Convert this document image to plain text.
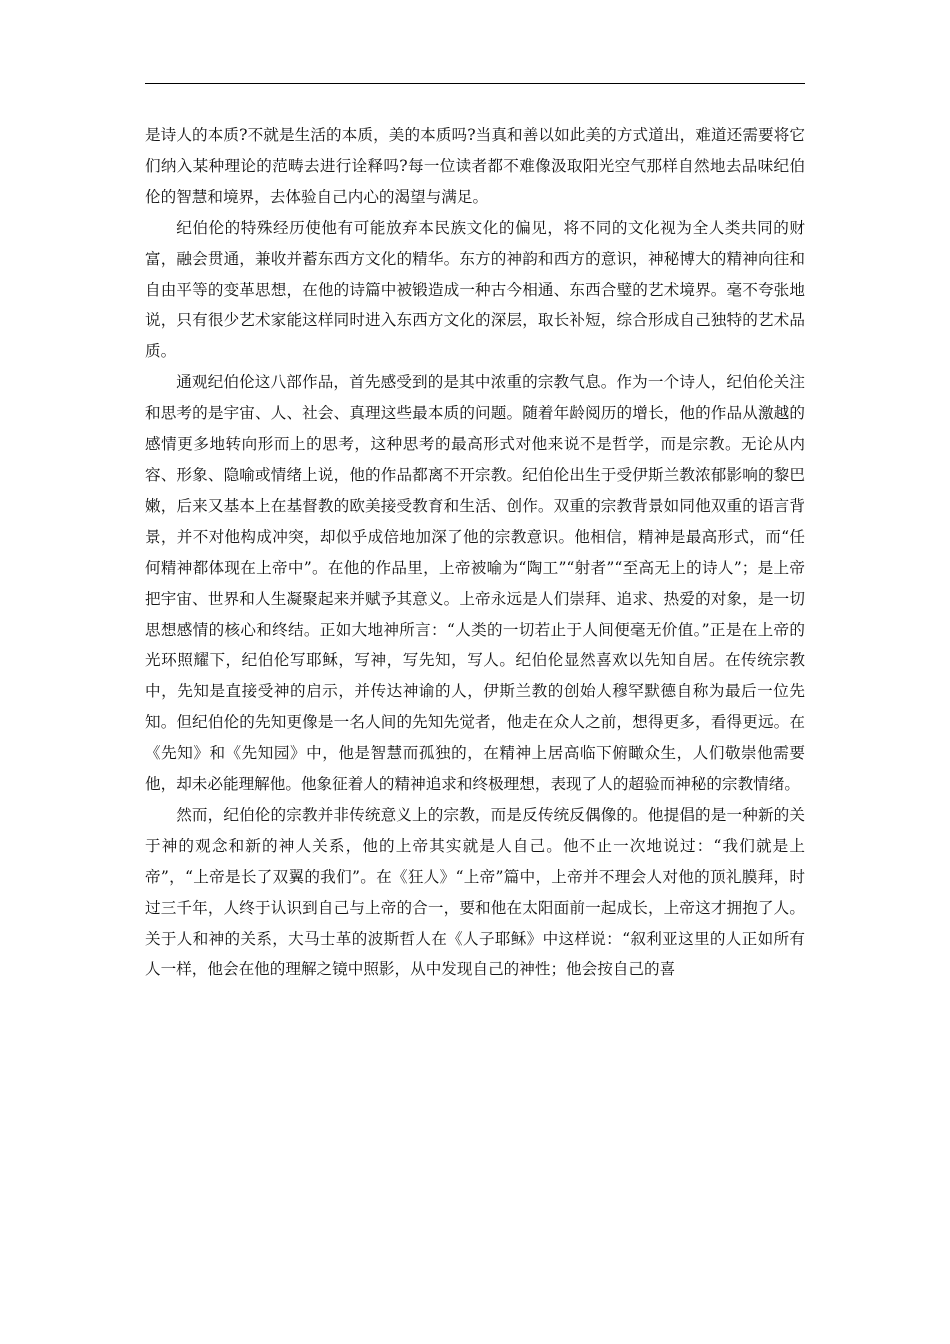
是诗人的本质?不就是生活的本质，美的本质吗?当真和善以如此美的方式道出，难道还需要将它们纳入某种理论的范畴去进行诠释吗?每一位读者都不难像汲取阳光空气那样自然地去品味纪伯伦的智慧和境界，去体验自己内心的渴望与满足。

纪伯伦的特殊经历使他有可能放弃本民族文化的偏见，将不同的文化视为全人类共同的财富，融会贯通，兼收并蓄东西方文化的精华。东方的神韵和西方的意识，神秘博大的精神向往和自由平等的变革思想，在他的诗篇中被锻造成一种古今相通、东西合璧的艺术境界。毫不夸张地说，只有很少艺术家能这样同时进入东西方文化的深层，取长补短，综合形成自己独特的艺术品质。

通观纪伯伦这八部作品，首先感受到的是其中浓重的宗教气息。作为一个诗人，纪伯伦关注和思考的是宇宙、人、社会、真理这些最本质的问题。随着年龄阅历的增长，他的作品从激越的感情更多地转向形而上的思考，这种思考的最高形式对他来说不是哲学，而是宗教。无论从内容、形象、隐喻或情绪上说，他的作品都离不开宗教。纪伯伦出生于受伊斯兰教浓郁影响的黎巴嫩，后来又基本上在基督教的欧美接受教育和生活、创作。双重的宗教背景如同他双重的语言背景，并不对他构成冲突，却似乎成倍地加深了他的宗教意识。他相信，精神是最高形式，而“任何精神都体现在上帝中”。在他的作品里，上帝被喻为“陶工”“射者”“至高无上的诗人”；是上帝把宇宙、世界和人生凝聚起来并赋予其意义。上帝永远是人们崇拜、追求、热爱的对象，是一切思想感情的核心和终结。正如大地神所言：“人类的一切若止于人间便毫无价值。”正是在上帝的光环照耀下，纪伯伦写耶稣，写神，写先知，写人。纪伯伦显然喜欢以先知自居。在传统宗教中，先知是直接受神的启示，并传达神谕的人，伊斯兰教的创始人穆罕默德自称为最后一位先知。但纪伯伦的先知更像是一名人间的先知先觉者，他走在众人之前，想得更多，看得更远。在《先知》和《先知园》中，他是智慧而孤独的，在精神上居高临下俯瞰众生，人们敬崇他需要他，却未必能理解他。他象征着人的精神追求和终极理想，表现了人的超验而神秘的宗教情绪。

然而，纪伯伦的宗教并非传统意义上的宗教，而是反传统反偶像的。他提倡的是一种新的关于神的观念和新的神人关系，他的上帝其实就是人自己。他不止一次地说过：“我们就是上帝”，“上帝是长了双翼的我们”。在《狂人》“上帝”篇中，上帝并不理会人对他的顶礼膜拜，时过三千年，人终于认识到自己与上帝的合一，要和他在太阳面前一起成长，上帝这才拥抱了人。关于人和神的关系，大马士革的波斯哲人在《人子耶稣》中这样说：“叙利亚这里的人正如所有人一样，他会在他的理解之镜中照影，从中发现自己的神性；他会按自己的喜
